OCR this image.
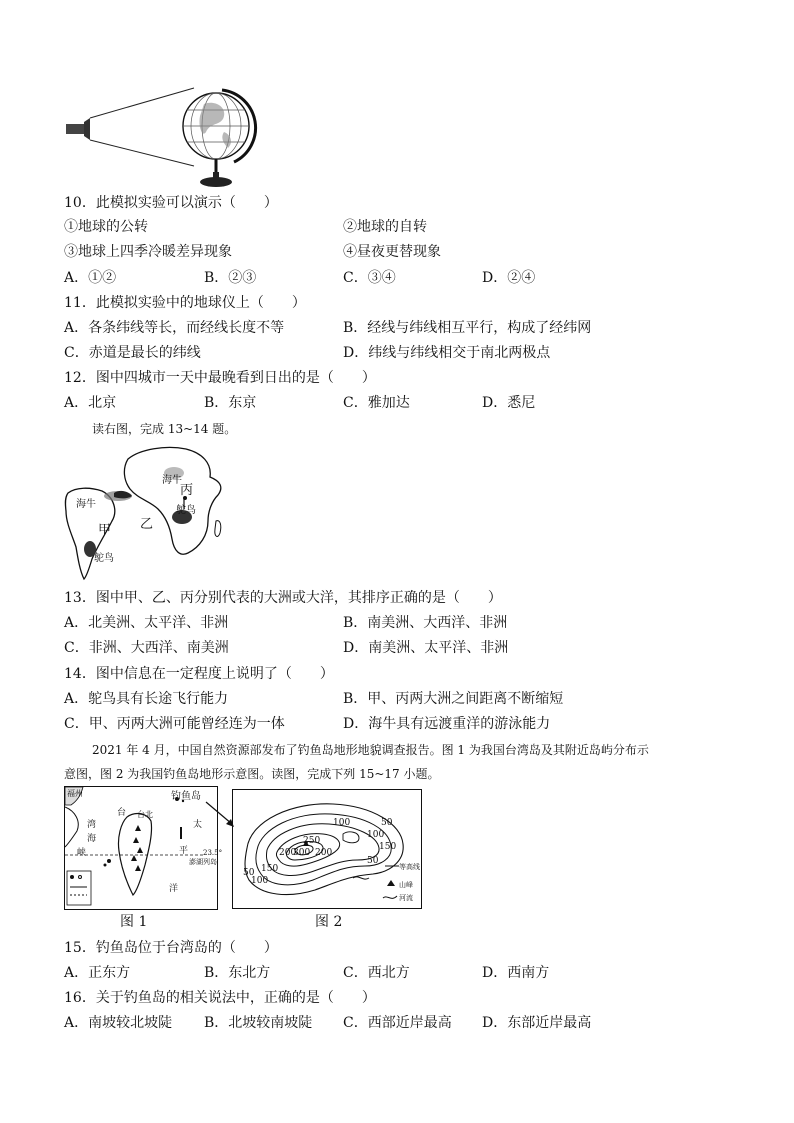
10．此模拟实验可以演示（　　）
①地球的公转	②地球的自转
③地球上四季冷暖差异现象	④昼夜更替现象
A．①②	B．②③	C．③④	D．②④
11．此模拟实验中的地球仪上（　　）
A．各条纬线等长，而经线长度不等	B．经线与纬线相互平行，构成了经纬网
C．赤道是最长的纬线	D．纬线与纬线相交于南北两极点
12．图中四城市一天中最晚看到日出的是（　　）
A．北京	B．东京	C．雅加达	D．悉尼
读右图，完成 13~14 题。
海牛
海牛
甲 乙
丙
鸵鸟
鸵鸟
13．图中甲、乙、丙分别代表的大洲或大洋，其排序正确的是（　　）
A．北美洲、太平洋、非洲	B．南美洲、大西洋、非洲
C．非洲、大西洋、南美洲	D．南美洲、太平洋、非洲
14．图中信息在一定程度上说明了（　　）
A．鸵鸟具有长途飞行能力	B．甲、丙两大洲之间距离不断缩短
C．甲、丙两大洲可能曾经连为一体	D．海牛具有远渡重洋的游泳能力
2021 年 4 月，中国自然资源部发布了钓鱼岛地形地貌调查报告。图 1 为我国台湾岛及其附近岛屿分布示
意图，图 2 为我国钓鱼岛地形示意图。读图，完成下列 15~17 小题。
福州	钓鱼岛
台
湾
海
峡
台北
太
平
洋
23.5°
澎湖列岛
图 1
100	50
100
150
250
200
300 200
150
100
50
50
等高线
山峰
河流
图 2
15．钓鱼岛位于台湾岛的（　　）
A．正东方	B．东北方	C．西北方	D．西南方
16．关于钓鱼岛的相关说法中，正确的是（　　）
A．南坡较北坡陡 B．北坡较南坡陡 C．西部近岸最高 D．东部近岸最高
